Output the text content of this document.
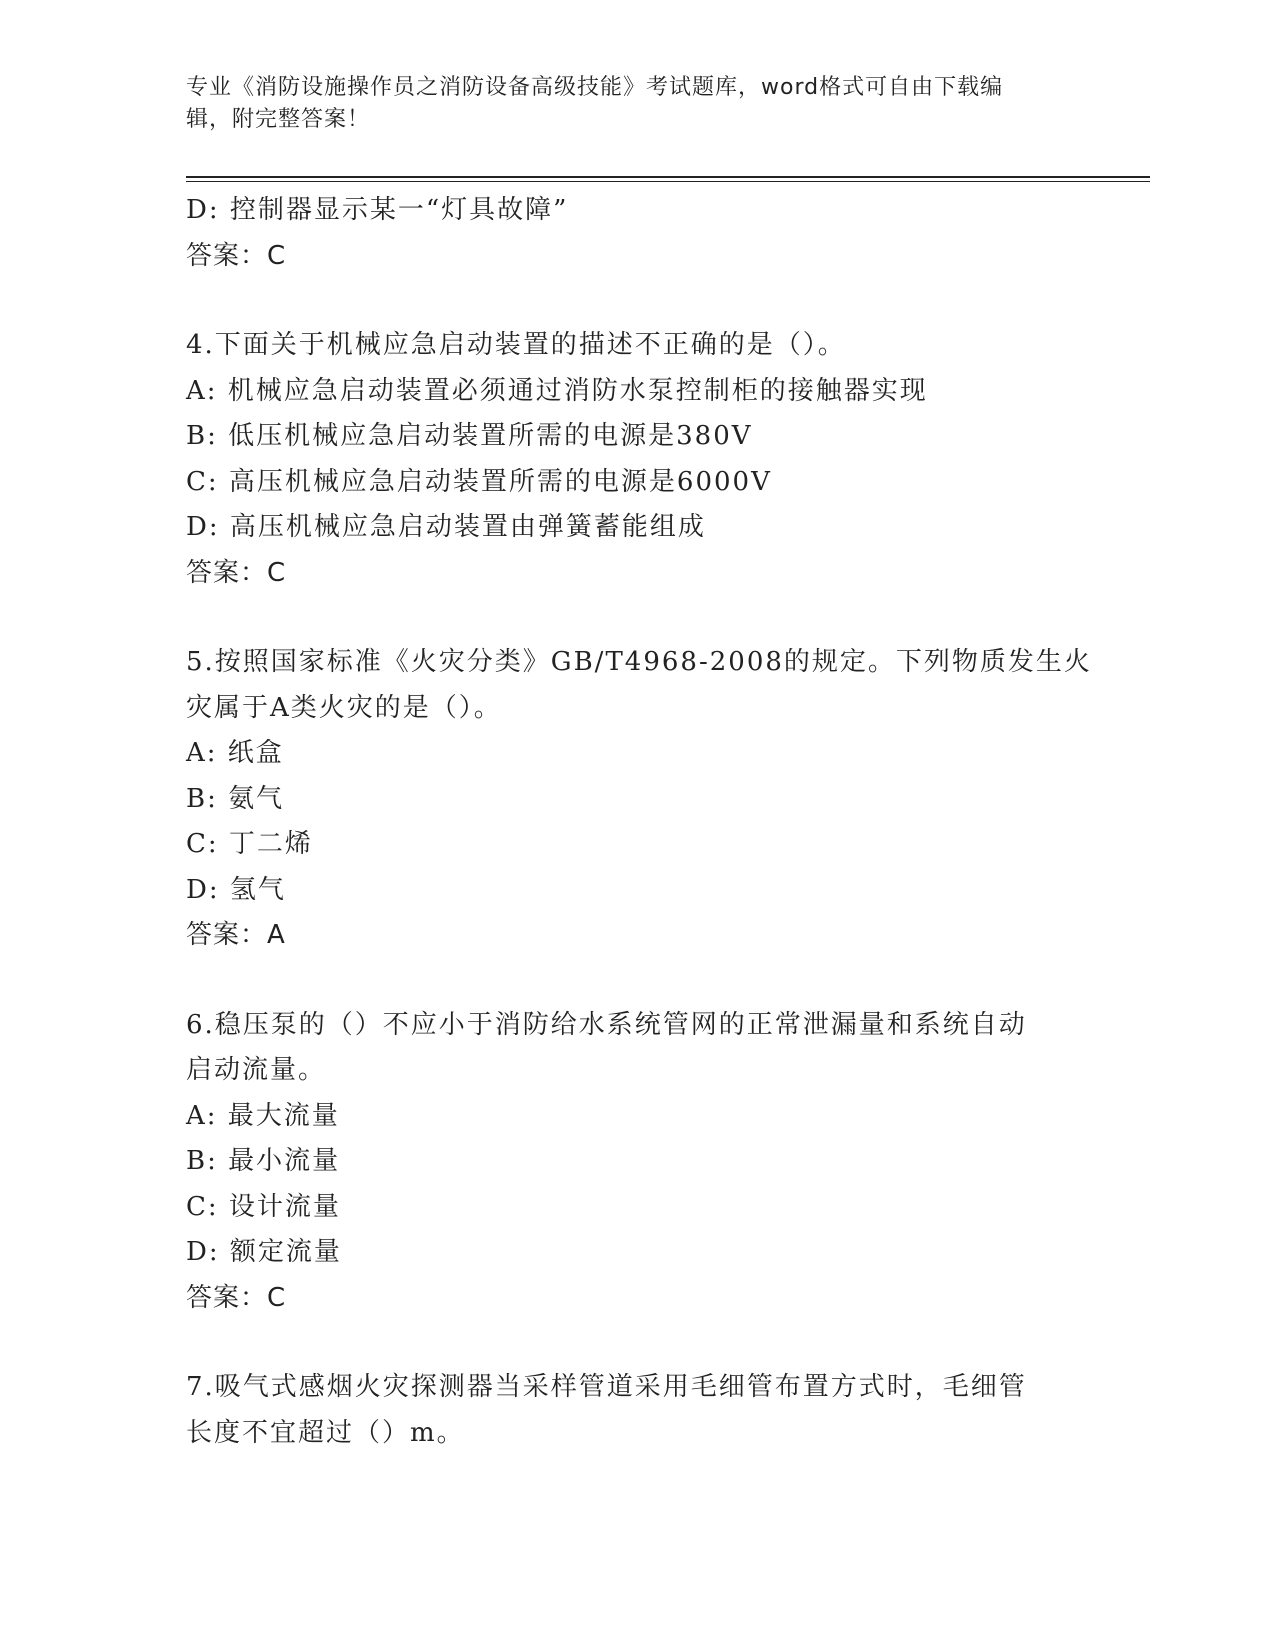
专业《消防设施操作员之消防设备高级技能》考试题库，word格式可自由下载编
辑，附完整答案！
D: 控制器显示某一“灯具故障”
答案：C
4.下面关于机械应急启动装置的描述不正确的是（）。
A: 机械应急启动装置必须通过消防水泵控制柜的接触器实现
B: 低压机械应急启动装置所需的电源是380V
C: 高压机械应急启动装置所需的电源是6000V
D: 高压机械应急启动装置由弹簧蓄能组成
答案：C
5.按照国家标准《火灾分类》GB/T4968-2008的规定。下列物质发生火
灾属于A类火灾的是（）。
A: 纸盒
B: 氨气
C: 丁二烯
D: 氢气
答案：A
6.稳压泵的（）不应小于消防给水系统管网的正常泄漏量和系统自动
启动流量。
A: 最大流量
B: 最小流量
C: 设计流量
D: 额定流量
答案：C
7.吸气式感烟火灾探测器当采样管道采用毛细管布置方式时，毛细管
长度不宜超过（）m。
